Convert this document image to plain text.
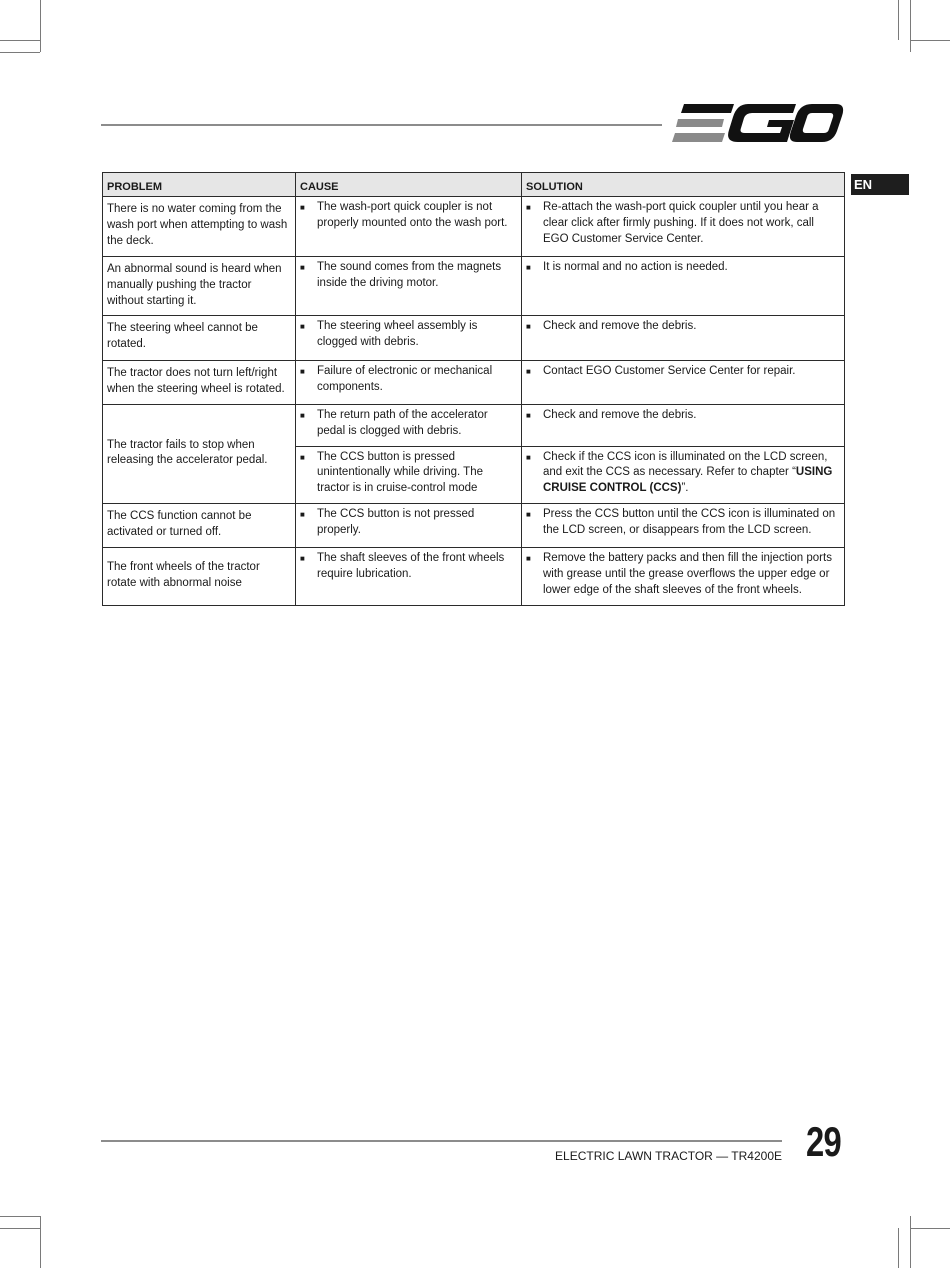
EN
PROBLEM	CAUSE	SOLUTION
There is no water coming from the wash port when attempting to wash the deck.	■ The wash-port quick coupler is not properly mounted onto the wash port.	■ Re-attach the wash-port quick coupler until you hear a clear click after firmly pushing. If it does not work, call EGO Customer Service Center.

An abnormal sound is heard when manually pushing the tractor without starting it.	■ The sound comes from the magnets inside the driving motor.	■ It is normal and no action is needed.

The steering wheel cannot be rotated.	■ The steering wheel assembly is clogged with debris.	■ Check and remove the debris.

The tractor does not turn left/right when the steering wheel is rotated.	■ Failure of electronic or mechanical components.	■ Contact EGO Customer Service Center for repair.

The tractor fails to stop when releasing the accelerator pedal.	■ The return path of the accelerator pedal is clogged with debris.	■ Check and remove the debris.

	■ The CCS button is pressed unintentionally while driving. The tractor is in cruise-control mode	■ Check if the CCS icon is illuminated on the LCD screen, and exit the CCS as necessary. Refer to chapter “USING CRUISE CONTROL (CCS)”.

The CCS function cannot be activated or turned off.	■ The CCS button is not pressed properly.	■ Press the CCS button until the CCS icon is illuminated on the LCD screen, or disappears from the LCD screen.

The front wheels of the tractor rotate with abnormal noise	■ The shaft sleeves of the front wheels require lubrication.	■ Remove the battery packs and then fill the injection ports with grease until the grease overflows the upper edge or lower edge of the shaft sleeves of the front wheels.
ELECTRIC LAWN TRACTOR — TR4200E 29
